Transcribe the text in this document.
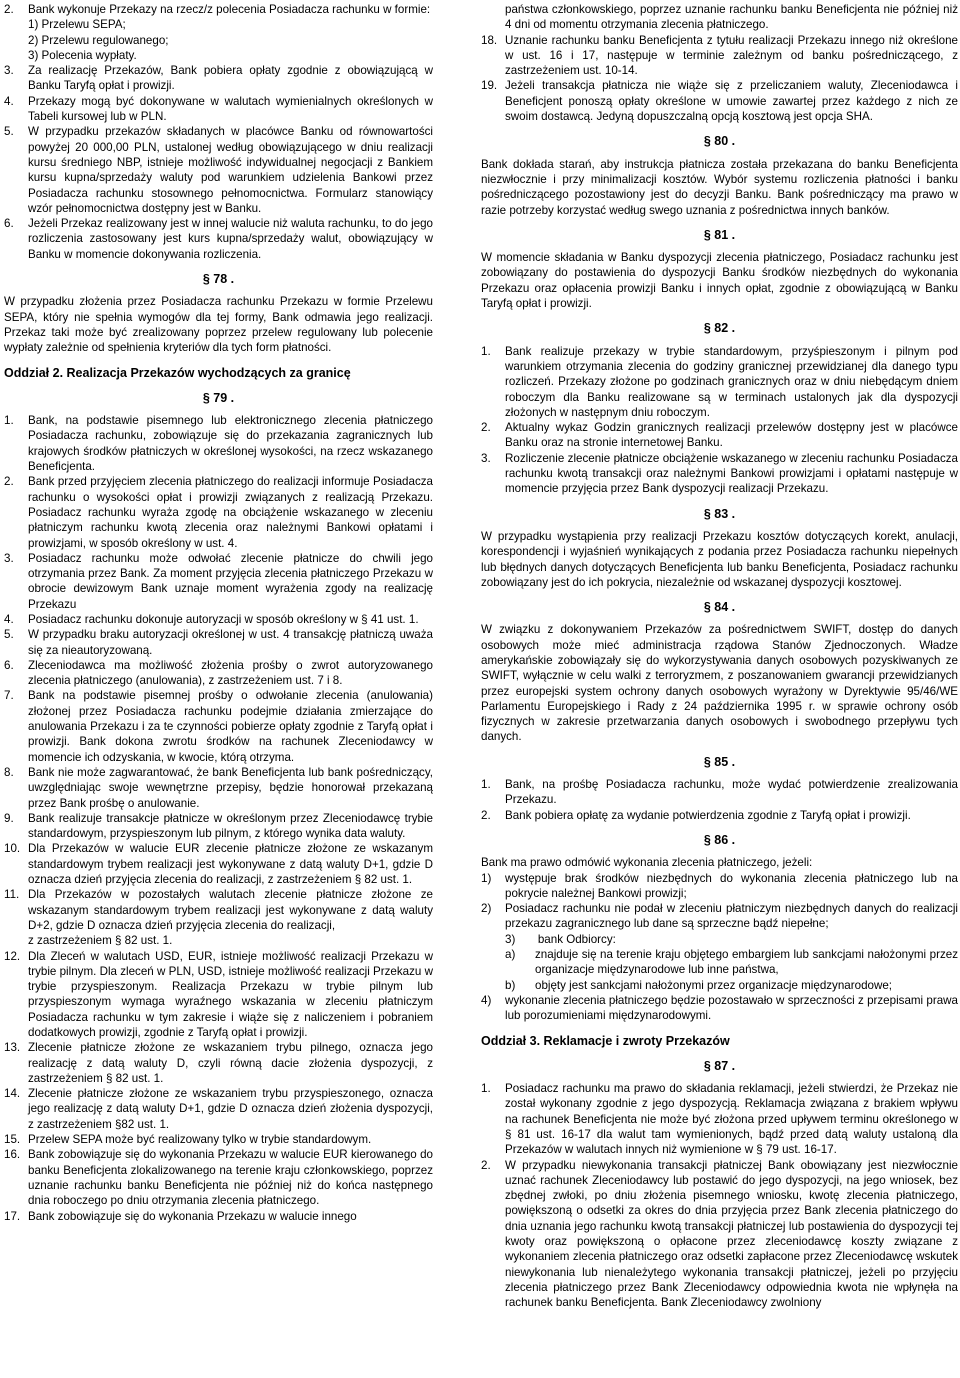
2.	Bank wykonuje Przekazy na rzecz/z polecenia Posiadacza rachunku w formie:
1) Przelewu SEPA;
2) Przelewu regulowanego;
3) Polecenia wypłaty.
3.	Za realizację Przekazów, Bank pobiera opłaty zgodnie z obowiązującą w Banku Taryfą opłat i prowizji.
4.	Przekazy mogą być dokonywane w walutach wymienialnych określonych w Tabeli kursowej lub w PLN.
5.	W przypadku przekazów składanych w placówce Banku od równowartości powyżej 20 000,00 PLN, ustalonej według obowiązującego w dniu realizacji kursu średniego NBP, istnieje możliwość indywidualnej negocjacji z Bankiem kursu kupna/sprzedaży waluty pod warunkiem udzielenia Bankowi przez Posiadacza rachunku stosownego pełnomocnictwa. Formularz stanowiący wzór pełnomocnictwa dostępny jest w Banku.
6.	Jeżeli Przekaz realizowany jest w innej walucie niż waluta rachunku, to do jego rozliczenia zastosowany jest kurs kupna/sprzedaży walut, obowiązujący w Banku w momencie dokonywania rozliczenia.
§ 78 .
W przypadku złożenia przez Posiadacza rachunku Przekazu w formie Przelewu SEPA, który nie spełnia wymogów dla tej formy, Bank odmawia jego realizacji. Przekaz taki może być zrealizowany poprzez przelew regulowany lub polecenie wypłaty zależnie od spełnienia kryteriów dla tych form płatności.
Oddział 2. Realizacja Przekazów wychodzących za granicę
§ 79 .
1.	Bank, na podstawie pisemnego lub elektronicznego zlecenia płatniczego Posiadacza rachunku, zobowiązuje się do przekazania zagranicznych lub krajowych środków płatniczych w określonej wysokości, na rzecz wskazanego Beneficjenta.
2.	Bank przed przyjęciem zlecenia płatniczego do realizacji informuje Posiadacza rachunku o wysokości opłat i prowizji związanych z realizacją Przekazu. Posiadacz rachunku wyraża zgodę na obciążenie wskazanego w zleceniu płatniczym rachunku kwotą zlecenia oraz należnymi Bankowi opłatami i prowizjami, w sposób określony w ust. 4.
3.	Posiadacz rachunku może odwołać zlecenie płatnicze do chwili jego otrzymania przez Bank. Za moment przyjęcia zlecenia płatniczego Przekazu w obrocie dewizowym Bank uznaje moment wyrażenia zgody na realizację Przekazu
4.	Posiadacz rachunku dokonuje autoryzacji w sposób określony w § 41 ust. 1.
5.	W przypadku braku autoryzacji określonej w ust. 4 transakcję płatniczą uważa się za nieautoryzowaną.
6.	Zleceniodawca ma możliwość złożenia prośby o zwrot autoryzowanego zlecenia płatniczego (anulowania), z zastrzeżeniem ust. 7 i 8.
7.	Bank na podstawie pisemnej prośby o odwołanie zlecenia (anulowania) złożonej przez Posiadacza rachunku podejmie działania zmierzające do anulowania Przekazu i za te czynności pobierze opłaty zgodnie z Taryfą opłat i prowizji. Bank dokona zwrotu środków na rachunek Zleceniodawcy w momencie ich odzyskania, w kwocie, którą otrzyma.
8.	Bank nie może zagwarantować, że bank Beneficjenta lub bank pośredniczący, uwzględniając swoje wewnętrzne przepisy, będzie honorował przekazaną przez Bank prośbę o anulowanie.
9.	Bank realizuje transakcje płatnicze w określonym przez Zleceniodawcę trybie standardowym, przyspieszonym lub pilnym, z którego wynika data waluty.
10. Dla Przekazów w walucie EUR zlecenie płatnicze złożone ze wskazanym standardowym trybem realizacji jest wykonywane z datą waluty D+1, gdzie D oznacza dzień przyjęcia zlecenia do realizacji, z zastrzeżeniem § 82 ust. 1.
11. Dla Przekazów w pozostałych walutach zlecenie płatnicze złożone ze wskazanym standardowym trybem realizacji jest wykonywane z datą waluty D+2, gdzie D oznacza dzień przyjęcia zlecenia do realizacji,
z zastrzeżeniem § 82 ust. 1.
12. Dla Zleceń w walutach USD, EUR, istnieje możliwość realizacji Przekazu w trybie pilnym. Dla zleceń w PLN, USD, istnieje możliwość realizacji Przekazu w trybie przyspieszonym. Realizacja Przekazu w trybie pilnym lub przyspieszonym wymaga wyraźnego wskazania w zleceniu płatniczym Posiadacza rachunku w tym zakresie i wiąże się z naliczeniem i pobraniem dodatkowych prowizji, zgodnie z Taryfą opłat i prowizji.
13. Zlecenie płatnicze złożone ze wskazaniem trybu pilnego, oznacza jego realizację z datą waluty D, czyli równą dacie złożenia dyspozycji, z zastrzeżeniem § 82 ust. 1.
14. Zlecenie płatnicze złożone ze wskazaniem trybu przyspieszonego, oznacza jego realizację z datą waluty D+1, gdzie D oznacza dzień złożenia dyspozycji, z zastrzeżeniem §82 ust. 1.
15. Przelew SEPA może być realizowany tylko w trybie standardowym.
16. Bank zobowiązuje się do wykonania Przekazu w walucie EUR kierowanego do banku Beneficjenta zlokalizowanego na terenie kraju członkowskiego, poprzez uznanie rachunku banku Beneficjenta nie później niż do końca następnego dnia roboczego po dniu otrzymania zlecenia płatniczego.
17. Bank zobowiązuje się do wykonania Przekazu w walucie innego
państwa członkowskiego, poprzez uznanie rachunku banku Beneficjenta nie później niż 4 dni od momentu otrzymania zlecenia płatniczego.
18. Uznanie rachunku banku Beneficjenta z tytułu realizacji Przekazu innego niż określone w ust. 16 i 17, następuje w terminie zależnym od banku pośredniczącego, z zastrzeżeniem ust. 10-14.
19. Jeżeli transakcja płatnicza nie wiąże się z przeliczaniem waluty, Zleceniodawca i Beneficjent ponoszą opłaty określone w umowie zawartej przez każdego z nich ze swoim dostawcą. Jedyną dopuszczalną opcją kosztową jest opcja SHA.
§ 80 .
Bank dokłada starań, aby instrukcja płatnicza została przekazana do banku Beneficjenta niezwłocznie i przy minimalizacji kosztów. Wybór systemu rozliczenia płatności i banku pośredniczącego pozostawiony jest do decyzji Banku. Bank pośredniczący ma prawo w razie potrzeby korzystać według swego uznania z pośrednictwa innych banków.
§ 81 .
W momencie składania w Banku dyspozycji zlecenia płatniczego, Posiadacz rachunku jest zobowiązany do postawienia do dyspozycji Banku środków niezbędnych do wykonania Przekazu oraz opłacenia prowizji Banku i innych opłat, zgodnie z obowiązującą w Banku Taryfą opłat i prowizji.
§ 82 .
1.	Bank realizuje przekazy w trybie standardowym, przyśpieszonym i pilnym pod warunkiem otrzymania zlecenia do godziny granicznej przewidzianej dla danego typu rozliczeń. Przekazy złożone po godzinach granicznych oraz w dniu niebędącym dniem roboczym dla Banku realizowane są w terminach ustalonych jak dla dyspozycji złożonych w następnym dniu roboczym.
2.	Aktualny wykaz Godzin granicznych realizacji przelewów dostępny jest w placówce Banku oraz na stronie internetowej Banku.
3.	Rozliczenie zlecenie płatnicze obciążenie wskazanego w zleceniu rachunku Posiadacza rachunku kwotą transakcji oraz należnymi Bankowi prowizjami i opłatami następuje w momencie przyjęcia przez Bank dyspozycji realizacji Przekazu.
§ 83 .
W przypadku wystąpienia przy realizacji Przekazu kosztów dotyczących korekt, anulacji, korespondencji i wyjaśnień wynikających z podania przez Posiadacza rachunku niepełnych lub błędnych danych dotyczących Beneficjenta lub banku Beneficjenta, Posiadacz rachunku zobowiązany jest do ich pokrycia, niezależnie od wskazanej dyspozycji kosztowej.
§ 84 .
W związku z dokonywaniem Przekazów za pośrednictwem SWIFT, dostęp do danych osobowych może mieć administracja rządowa Stanów Zjednoczonych. Władze amerykańskie zobowiązały się do wykorzystywania danych osobowych pozyskiwanych ze SWIFT, wyłącznie w celu walki z terroryzmem, z poszanowaniem gwarancji przewidzianych przez europejski system ochrony danych osobowych wyrażony w Dyrektywie 95/46/WE Parlamentu Europejskiego i Rady z 24 października 1995 r. w sprawie ochrony osób fizycznych w zakresie przetwarzania danych osobowych i swobodnego przepływu tych danych.
§ 85 .
1.	Bank, na prośbę Posiadacza rachunku, może wydać potwierdzenie zrealizowania Przekazu.
2.	Bank pobiera opłatę za wydanie potwierdzenia zgodnie z Taryfą opłat i prowizji.
§ 86 .
Bank ma prawo odmówić wykonania zlecenia płatniczego, jeżeli:
1)	występuje brak środków niezbędnych do wykonania zlecenia płatniczego lub na pokrycie należnej Bankowi prowizji;
2)	Posiadacz rachunku nie podał w zleceniu płatniczym niezbędnych danych do realizacji przekazu zagranicznego lub dane są sprzeczne bądź niepełne;
3)       bank Odbiorcy:
a)	znajduje się na terenie kraju objętego embargiem lub sankcjami nałożonymi przez organizacje międzynarodowe lub inne państwa,
b)	objęty jest sankcjami nałożonymi przez organizacje międzynarodowe;
4)	wykonanie zlecenia płatniczego będzie pozostawało w sprzeczności z przepisami prawa lub porozumieniami międzynarodowymi.
Oddział 3. Reklamacje i zwroty Przekazów
§ 87 .
1.	Posiadacz rachunku ma prawo do składania reklamacji, jeżeli stwierdzi, że Przekaz nie został wykonany zgodnie z jego dyspozycją. Reklamacja związana z brakiem wpływu na rachunek Beneficjenta nie może być złożona przed upływem terminu określonego w § 81 ust. 16-17 dla walut tam wymienionych, bądź przed datą waluty ustaloną dla Przekazów w walutach innych niż wymienione w § 79 ust. 16-17.
2.	W przypadku niewykonania transakcji płatniczej Bank obowiązany jest niezwłocznie uznać rachunek Zleceniodawcy lub postawić do jego dyspozycji, na jego wniosek, bez zbędnej zwłoki, po dniu złożenia pisemnego wniosku, kwotę zlecenia płatniczego, powiększoną o odsetki za okres do dnia przyjęcia przez Bank zlecenia płatniczego do dnia uznania jego rachunku kwotą transakcji płatniczej lub postawienia do dyspozycji tej kwoty oraz powiększoną o opłacone przez zleceniodawcę koszty związane z wykonaniem zlecenia płatniczego oraz odsetki zapłacone przez Zleceniodawcę wskutek niewykonania lub nienależytego wykonania transakcji płatniczej, jeżeli po przyjęciu zlecenia płatniczego przez Bank Zleceniodawcy odpowiednia kwota nie wpłynęła na rachunek banku Beneficjenta. Bank Zleceniodawcy zwolniony
